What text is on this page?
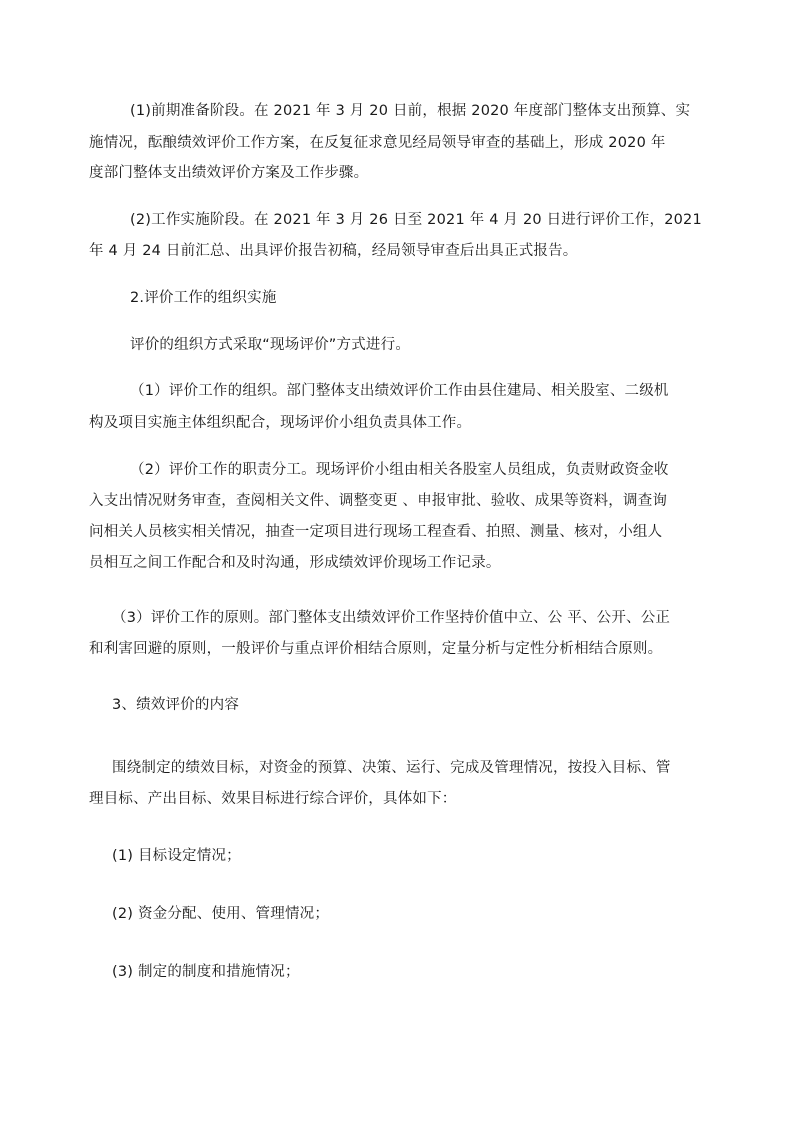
(1)前期准备阶段。在 2021 年 3 月 20 日前，根据 2020 年度部门整体支出预算、实
施情况，酝酿绩效评价工作方案，在反复征求意见经局领导审查的基础上，形成 2020 年
度部门整体支出绩效评价方案及工作步骤。
(2)工作实施阶段。在 2021 年 3 月 26 日至 2021 年 4 月 20 日进行评价工作，2021
年 4 月 24 日前汇总、出具评价报告初稿，经局领导审查后出具正式报告。
2.评价工作的组织实施
评价的组织方式采取“现场评价”方式进行。
（1）评价工作的组织。部门整体支出绩效评价工作由县住建局、相关股室、二级机
构及项目实施主体组织配合，现场评价小组负责具体工作。
（2）评价工作的职责分工。现场评价小组由相关各股室人员组成，负责财政资金收
入支出情况财务审查，查阅相关文件、调整变更 、申报审批、验收、成果等资料，调查询
问相关人员核实相关情况，抽查一定项目进行现场工程查看、拍照、测量、核对，小组人
员相互之间工作配合和及时沟通，形成绩效评价现场工作记录。
（3）评价工作的原则。部门整体支出绩效评价工作坚持价值中立、公 平、公开、公正
和利害回避的原则，一般评价与重点评价相结合原则，定量分析与定性分析相结合原则。
3、绩效评价的内容
围绕制定的绩效目标，对资金的预算、决策、运行、完成及管理情况，按投入目标、管
理目标、产出目标、效果目标进行综合评价，具体如下：
(1) 目标设定情况；
(2) 资金分配、使用、管理情况；
(3) 制定的制度和措施情况；
